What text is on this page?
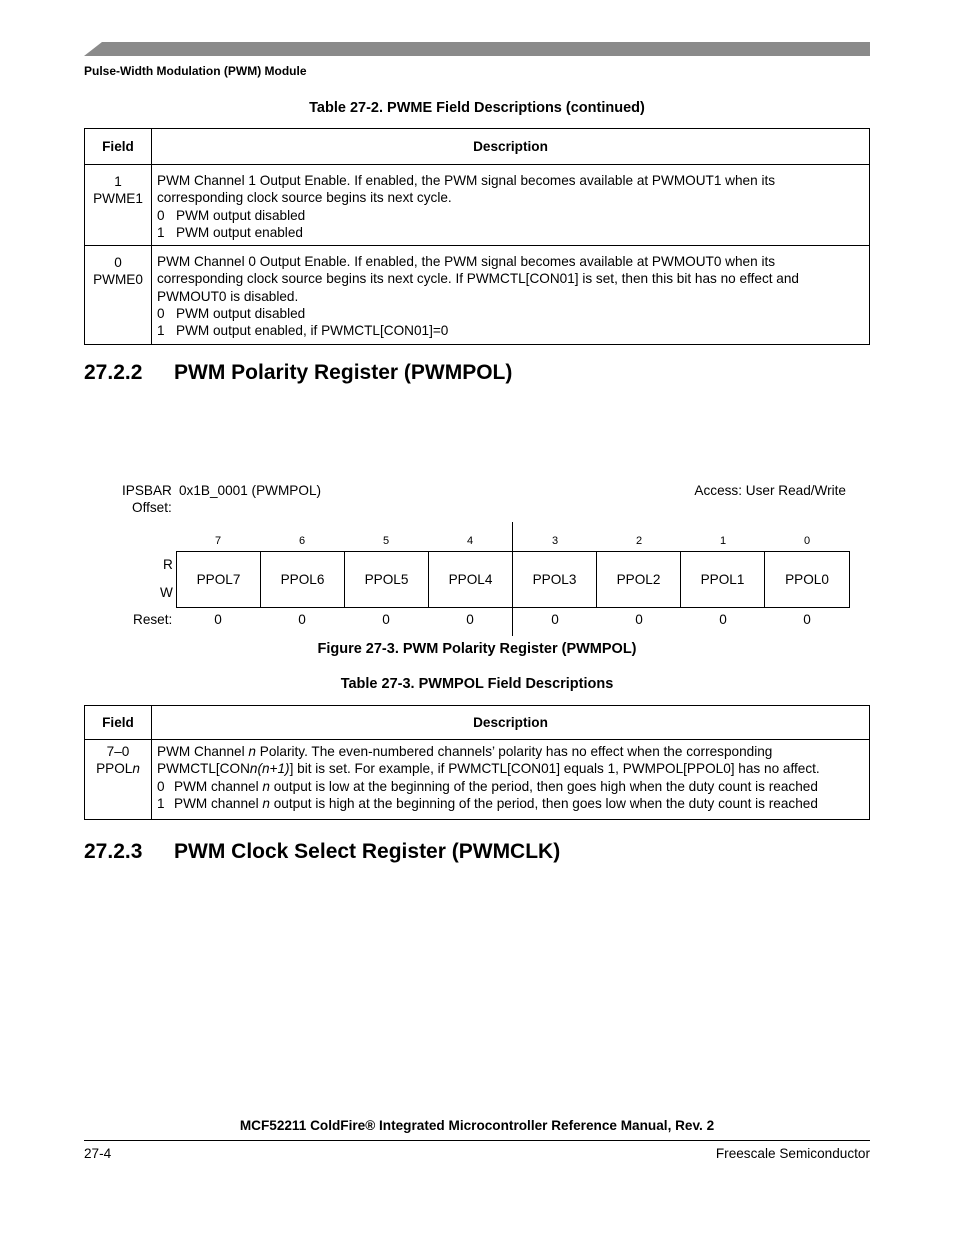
Pulse-Width Modulation (PWM) Module
Table 27-2. PWME Field Descriptions (continued)
Field	Description

1
PWME1	PWM Channel 1 Output Enable. If enabled, the PWM signal becomes available at PWMOUT1 when its corresponding clock source begins its next cycle.
0 PWM output disabled
1 PWM output enabled

0
PWME0	PWM Channel 0 Output Enable. If enabled, the PWM signal becomes available at PWMOUT0 when its corresponding clock source begins its next cycle. If PWMCTL[CON01] is set, then this bit has no effect and PWMOUT0 is disabled.
0 PWM output disabled
1 PWM output enabled, if PWMCTL[CON01]=0
27.2.2 PWM Polarity Register (PWMPOL)
IPSBAR
Offset:
0x1B_0001 (PWMPOL)	Access: User Read/Write
7	6	5	4	3	2	1	0
R
W
PPOL7	PPOL6	PPOL5	PPOL4	PPOL3	PPOL2	PPOL1	PPOL0
Reset:	0	0	0	0	0	0	0	0
Figure 27-3. PWM Polarity Register (PWMPOL)
Table 27-3. PWMPOL Field Descriptions
Field	Description

7–0
PPOLn	PWM Channel n Polarity. The even-numbered channels’ polarity has no effect when the corresponding
PWMCTL[CONn(n+1)] bit is set. For example, if PWMCTL[CON01] equals 1, PWMPOL[PPOL0] has no affect.
0 PWM channel n output is low at the beginning of the period, then goes high when the duty count is reached
1 PWM channel n output is high at the beginning of the period, then goes low when the duty count is reached
27.2.3 PWM Clock Select Register (PWMCLK)
MCF52211 ColdFire® Integrated Microcontroller Reference Manual, Rev. 2
27-4	Freescale Semiconductor
